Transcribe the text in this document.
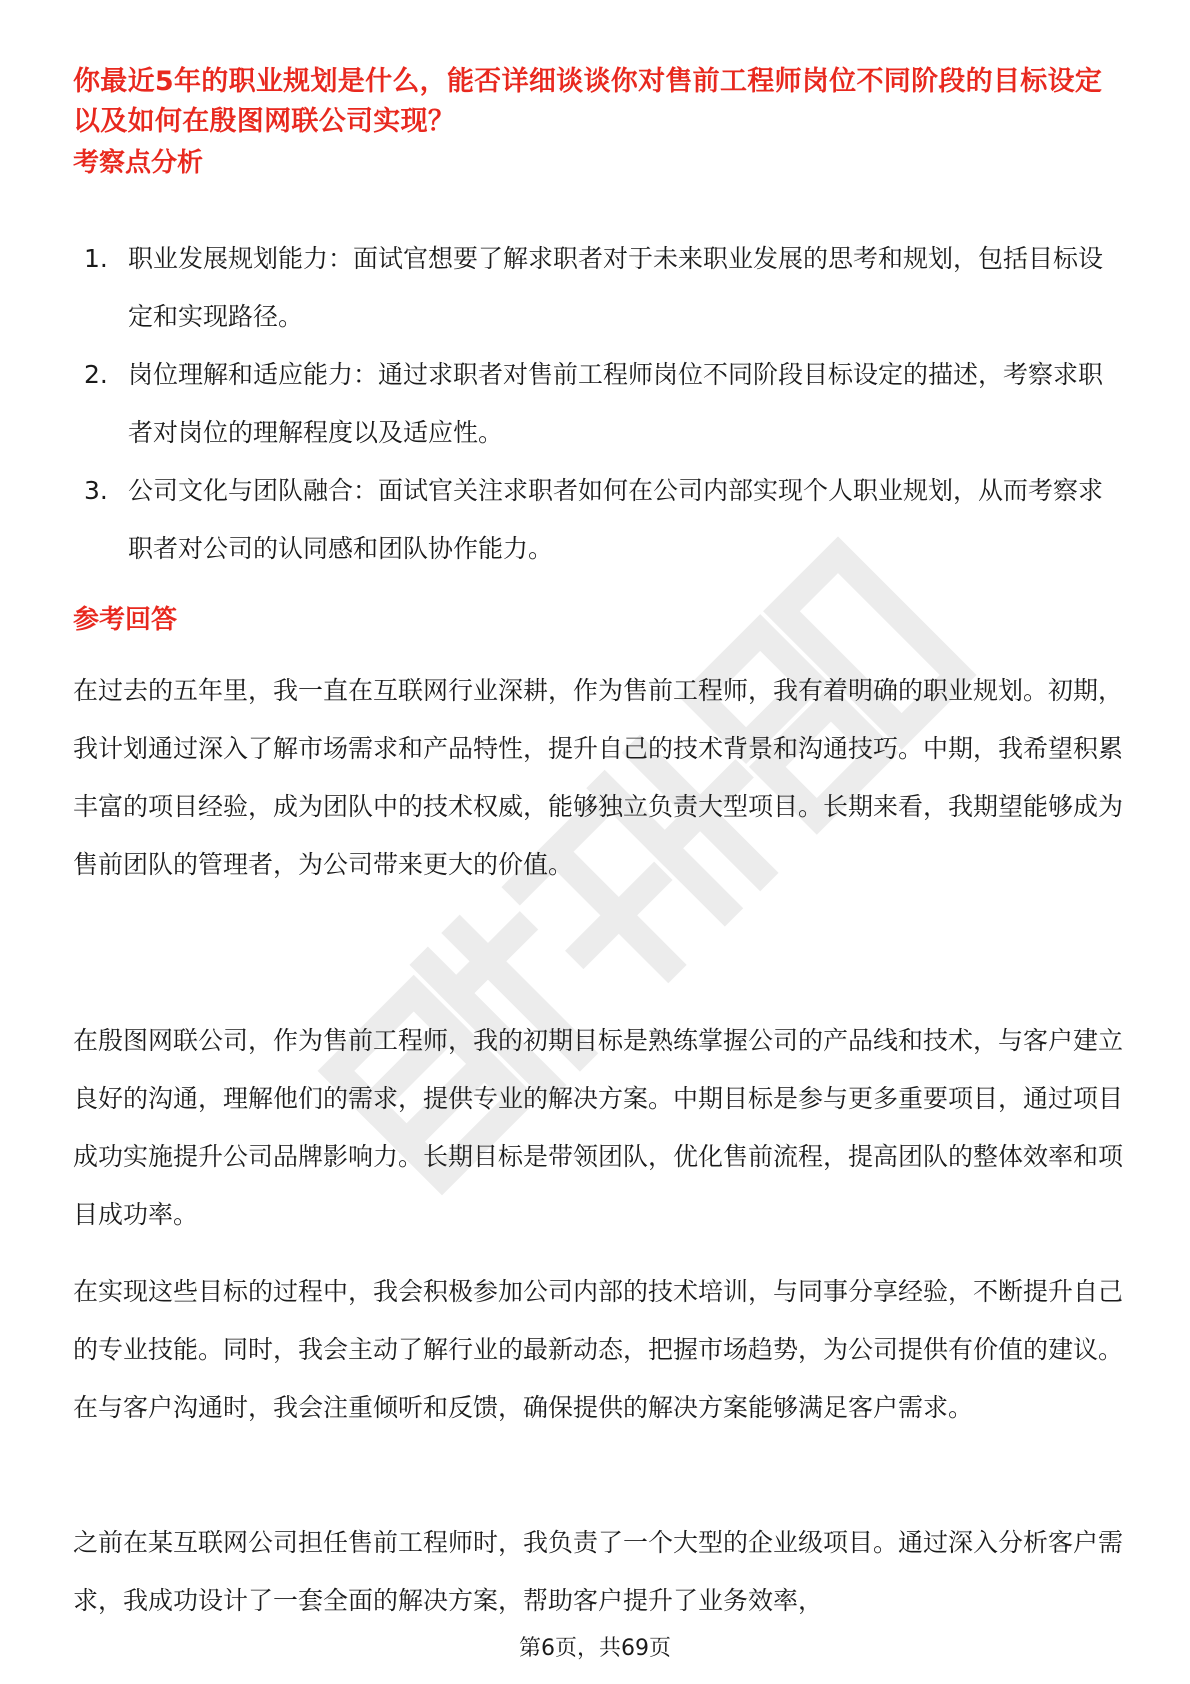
你最近5年的职业规划是什么，能否详细谈谈你对售前工程师岗位不同阶段的目标设定以及如何在殷图网联公司实现？
考察点分析
1. 职业发展规划能力：面试官想要了解求职者对于未来职业发展的思考和规划，包括目标设定和实现路径。
2. 岗位理解和适应能力：通过求职者对售前工程师岗位不同阶段目标设定的描述，考察求职者对岗位的理解程度以及适应性。
3. 公司文化与团队融合：面试官关注求职者如何在公司内部实现个人职业规划，从而考察求职者对公司的认同感和团队协作能力。
参考回答

在过去的五年里，我一直在互联网行业深耕，作为售前工程师，我有着明确的职业规划。初期，我计划通过深入了解市场需求和产品特性，提升自己的技术背景和沟通技巧。中期，我希望积累丰富的项目经验，成为团队中的技术权威，能够独立负责大型项目。长期来看，我期望能够成为售前团队的管理者，为公司带来更大的价值。

在殷图网联公司，作为售前工程师，我的初期目标是熟练掌握公司的产品线和技术，与客户建立良好的沟通，理解他们的需求，提供专业的解决方案。中期目标是参与更多重要项目，通过项目成功实施提升公司品牌影响力。长期目标是带领团队，优化售前流程，提高团队的整体效率和项目成功率。

在实现这些目标的过程中，我会积极参加公司内部的技术培训，与同事分享经验，不断提升自己的专业技能。同时，我会主动了解行业的最新动态，把握市场趋势，为公司提供有价值的建议。在与客户沟通时，我会注重倾听和反馈，确保提供的解决方案能够满足客户需求。

之前在某互联网公司担任售前工程师时，我负责了一个大型的企业级项目。通过深入分析客户需求，我成功设计了一套全面的解决方案，帮助客户提升了业务效率，

第6页，共69页
